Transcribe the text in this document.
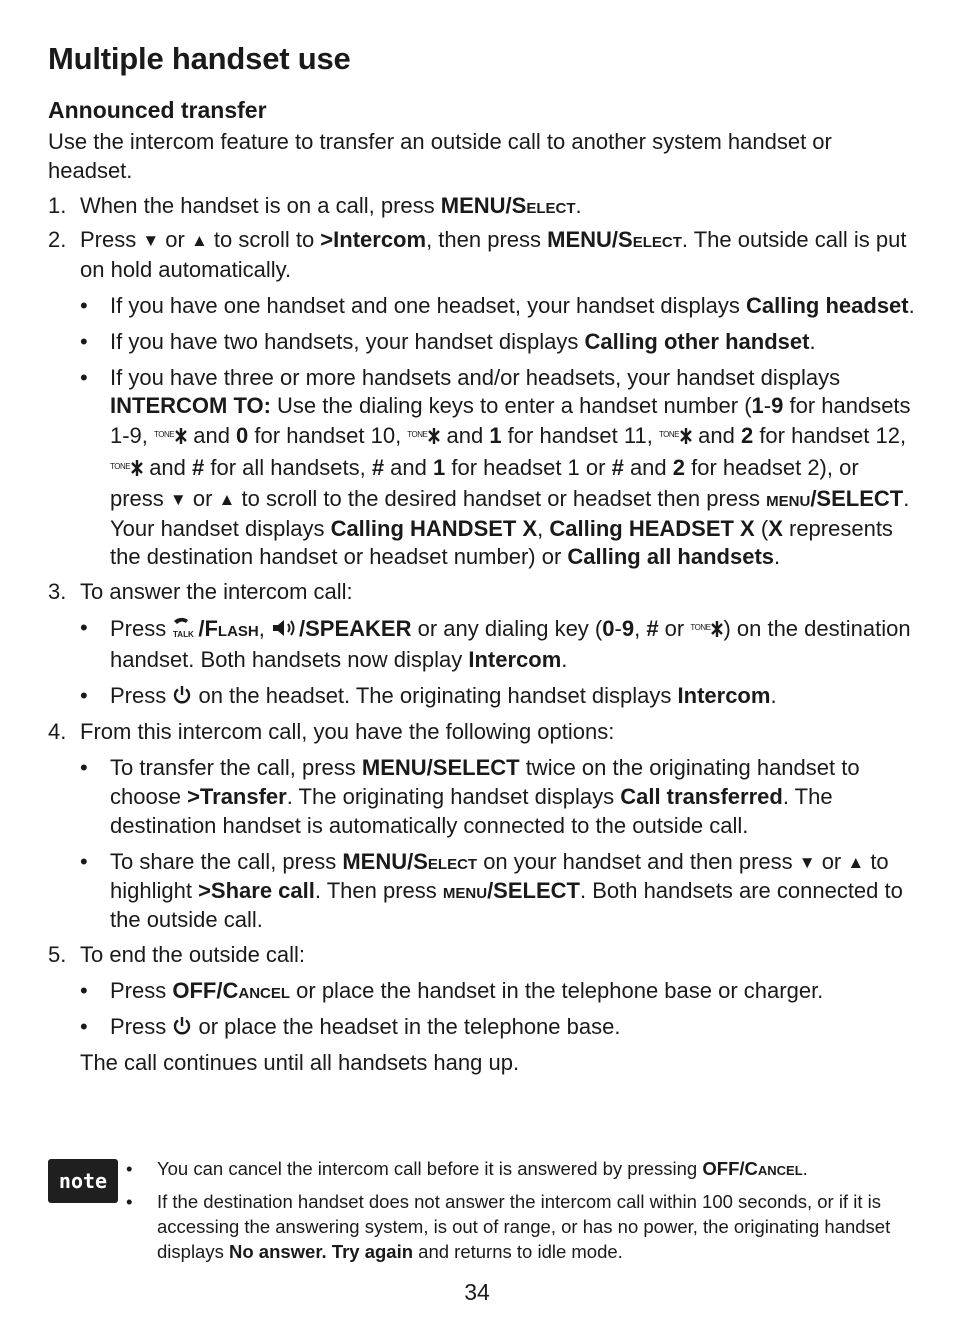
Multiple handset use
Announced transfer

Use the intercom feature to transfer an outside call to another system handset or headset.

1. When the handset is on a call, press MENU/Select.
2. Press ▼ or ▲ to scroll to >Intercom, then press MENU/Select. The outside call is put on hold automatically.
• If you have one handset and one headset, your handset displays Calling headset.
• If you have two handsets, your handset displays Calling other handset.
• If you have three or more handsets and/or headsets, your handset displays INTERCOM TO: Use the dialing keys to enter a handset number (1-9 for handsets 1-9, TONE and 0 for handset 10, TONE and 1 for handset 11, TONE and 2 for handset 12, TONE and # for all handsets, # and 1 for headset 1 or # and 2 for headset 2), or press ▼ or ▲ to scroll to the desired handset or headset then press menu/SELECT. Your handset displays Calling HANDSET X, Calling HEADSET X (X represents the destination handset or headset number) or Calling all handsets.
3. To answer the intercom call:
• Press TALK /Flash, /SPEAKER or any dialing key (0-9, # or TONE ) on the destination handset. Both handsets now display Intercom.
• Press  on the headset. The originating handset displays Intercom.
4. From this intercom call, you have the following options:
• To transfer the call, press MENU/SELECT twice on the originating handset to choose >Transfer. The originating handset displays Call transferred. The destination handset is automatically connected to the outside call.
• To share the call, press MENU/Select on your handset and then press ▼ or ▲ to highlight >Share call. Then press menu/SELECT. Both handsets are connected to the outside call.
5. To end the outside call:
• Press OFF/Cancel or place the handset in the telephone base or charger.
• Press  or place the headset in the telephone base.

The call continues until all handsets hang up.

note
• You can cancel the intercom call before it is answered by pressing OFF/Cancel.
• If the destination handset does not answer the intercom call within 100 seconds, or if it is accessing the answering system, is out of range, or has no power, the originating handset displays No answer. Try again and returns to idle mode.
34
